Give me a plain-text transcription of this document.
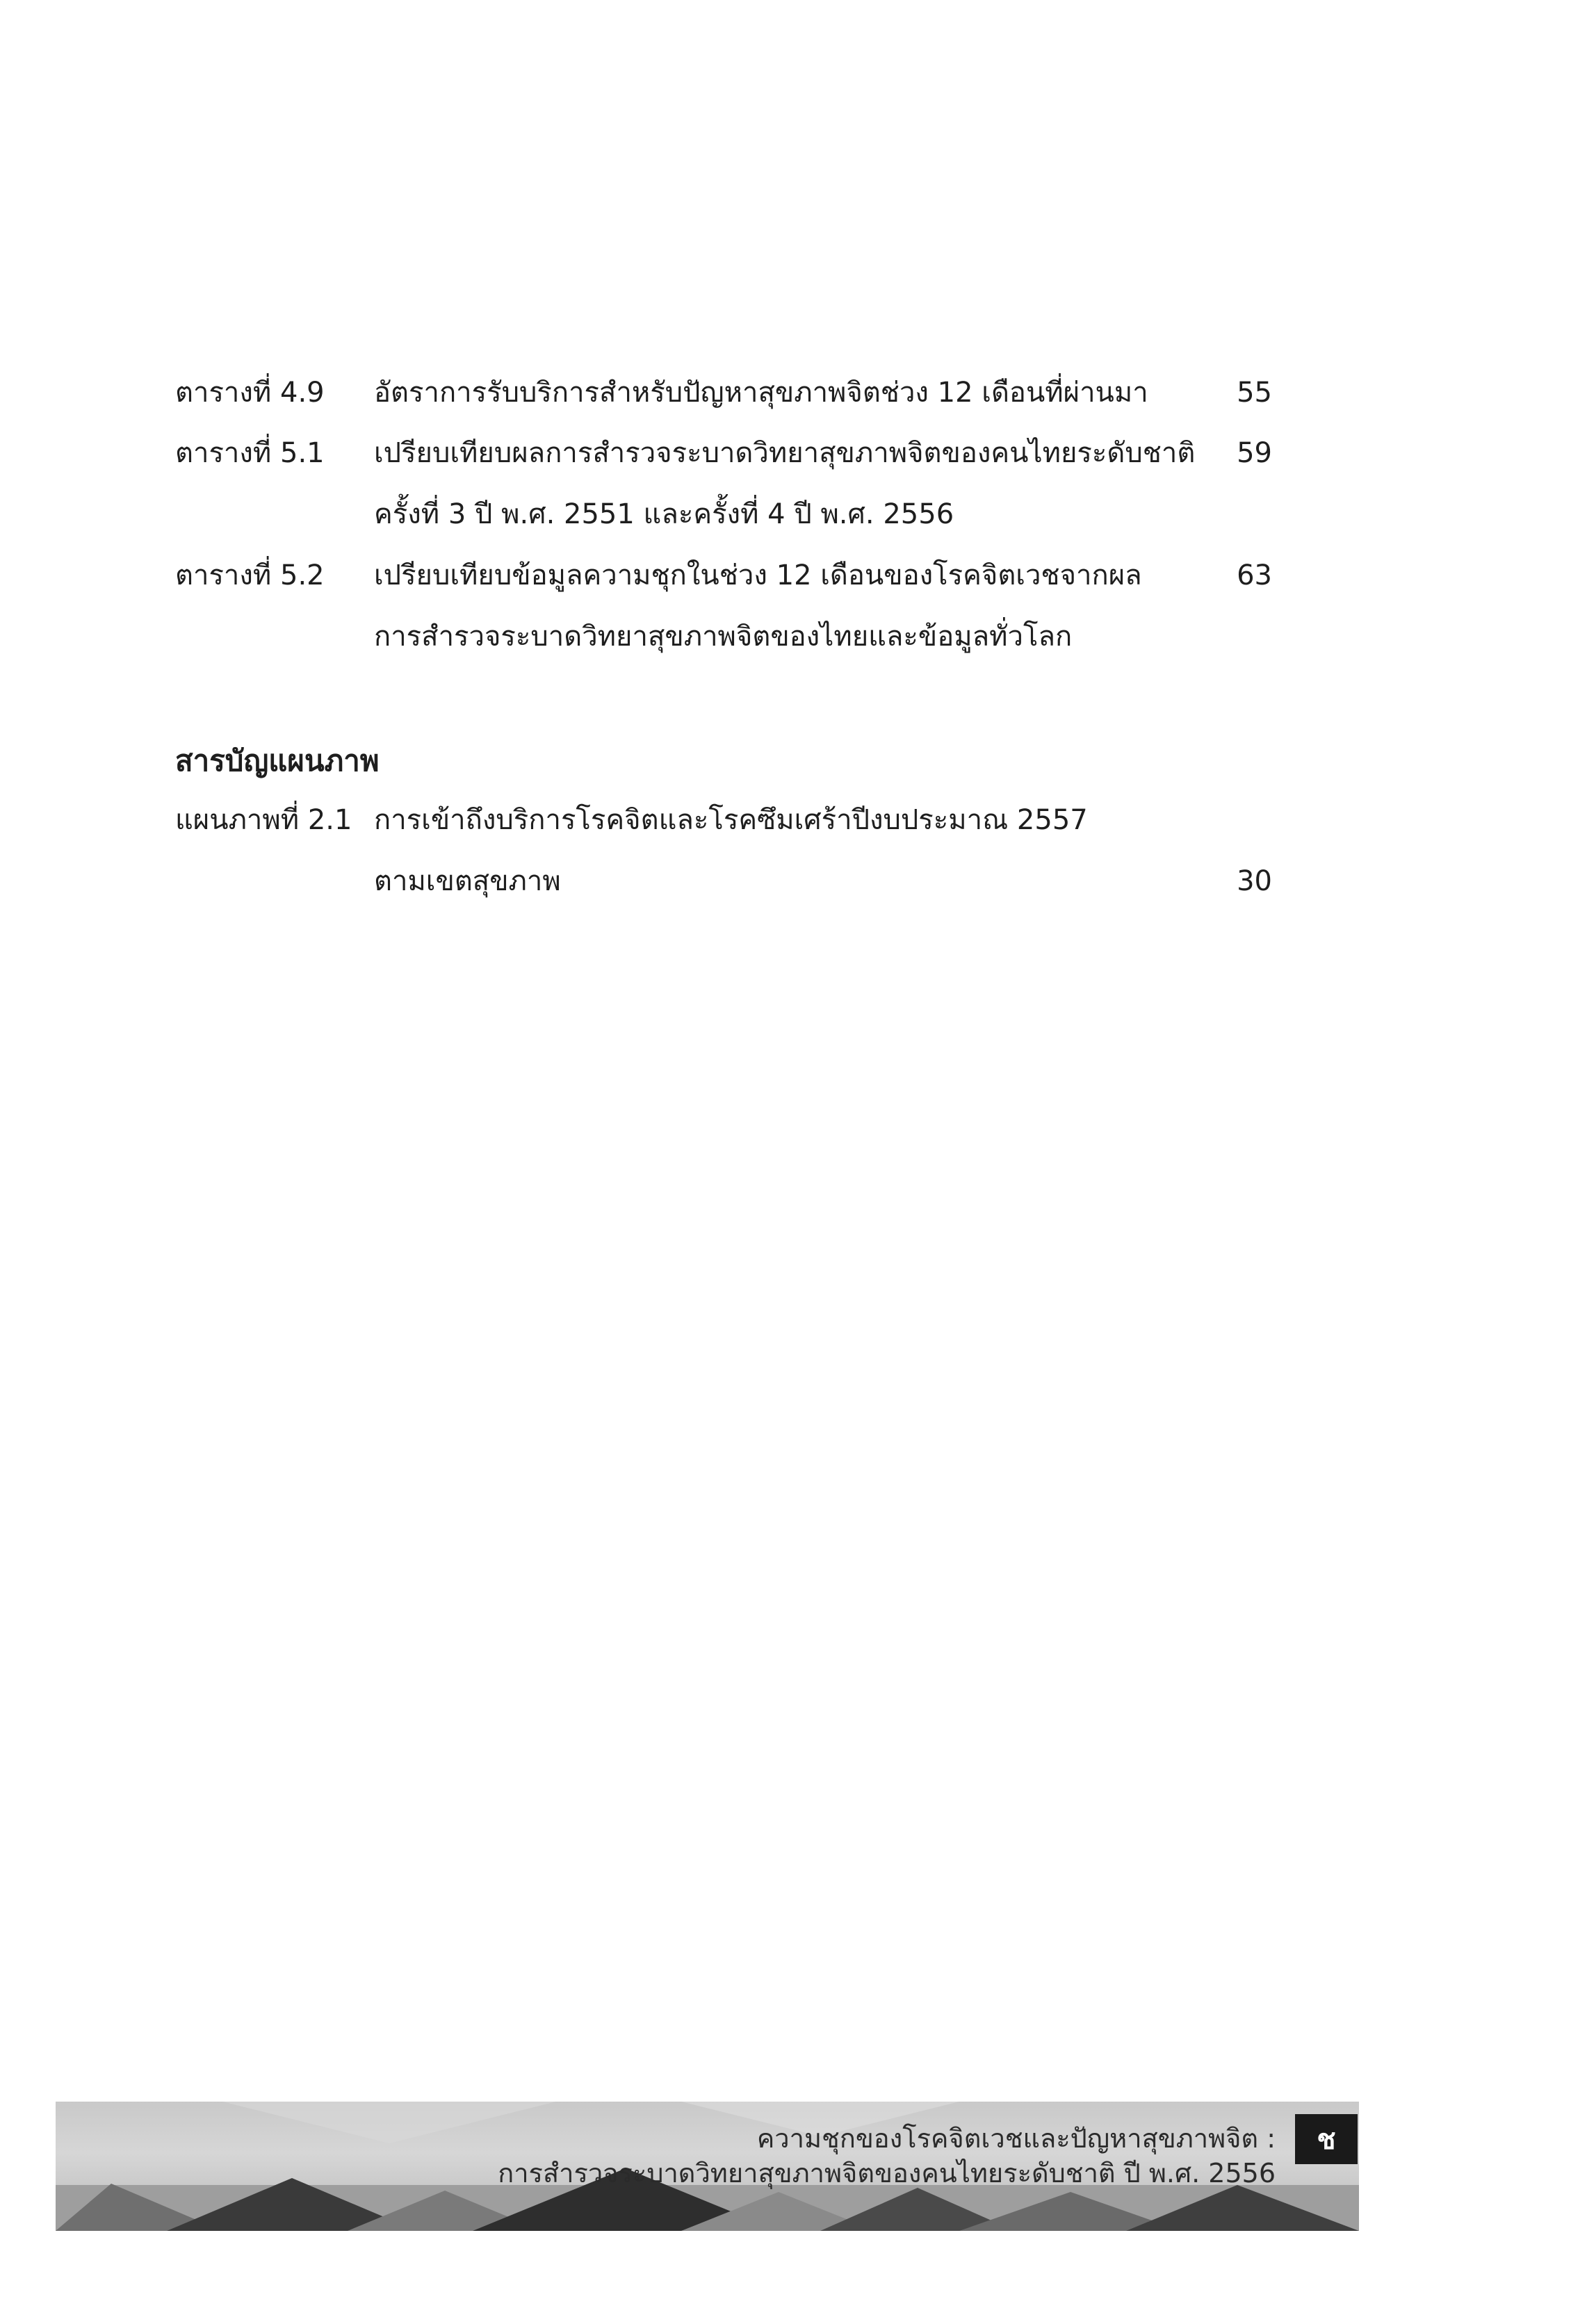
ตารางที่ 4.9 อัตราการรับบริการสำหรับปัญหาสุขภาพจิตช่วง 12 เดือนที่ผ่านมา	55
ตารางที่ 5.1 เปรียบเทียบผลการสำรวจระบาดวิทยาสุขภาพจิตของคนไทยระดับชาติ 59
ครั้งที่ 3 ปี พ.ศ. 2551 และครั้งที่ 4 ปี พ.ศ. 2556
ตารางที่ 5.2 เปรียบเทียบข้อมูลความชุกในช่วง 12 เดือนของโรคจิตเวชจากผล	63
การสำรวจระบาดวิทยาสุขภาพจิตของไทยและข้อมูลทั่วโลก
สารบัญแผนภาพ
แผนภาพที่ 2.1 การเข้าถึงบริการโรคจิตและโรคซึมเศร้าปีงบประมาณ 2557
ตามเขตสุขภาพ	30
ความชุกของโรคจิตเวชและปัญหาสุขภาพจิต :
การสำรวจระบาดวิทยาสุขภาพจิตของคนไทยระดับชาติ ปี พ.ศ. 2556
ช
